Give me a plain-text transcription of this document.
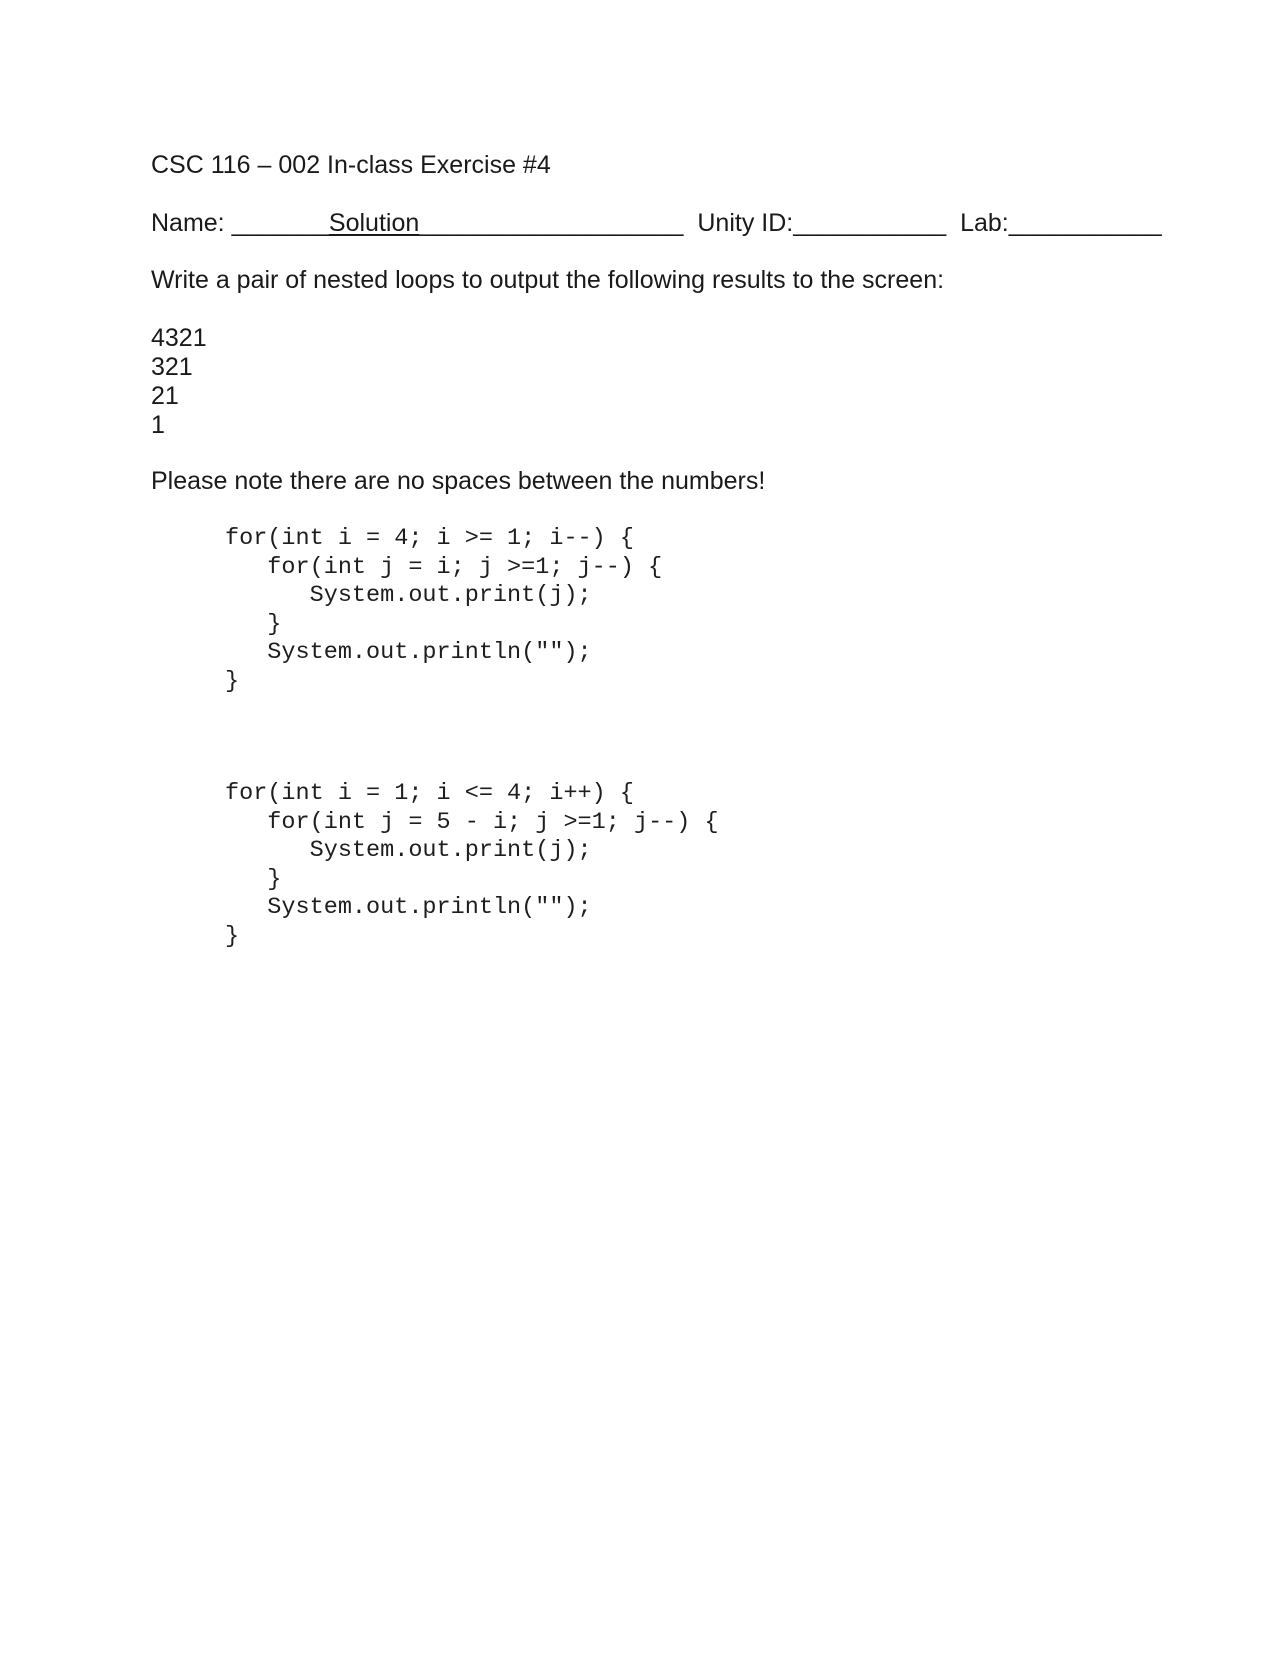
CSC 116 – 002 In-class Exercise #4
Name: _______Solution___________________  Unity ID:___________  Lab:___________
Write a pair of nested loops to output the following results to the screen:
4321
321
21
1
Please note there are no spaces between the numbers!
for(int i = 4; i >= 1; i--) {
for(int j = i; j >=1; j--) {
System.out.print(j);
}
System.out.println("");
}
for(int i = 1; i <= 4; i++) {
for(int j = 5 - i; j >=1; j--) {
System.out.print(j);
}
System.out.println("");
}
